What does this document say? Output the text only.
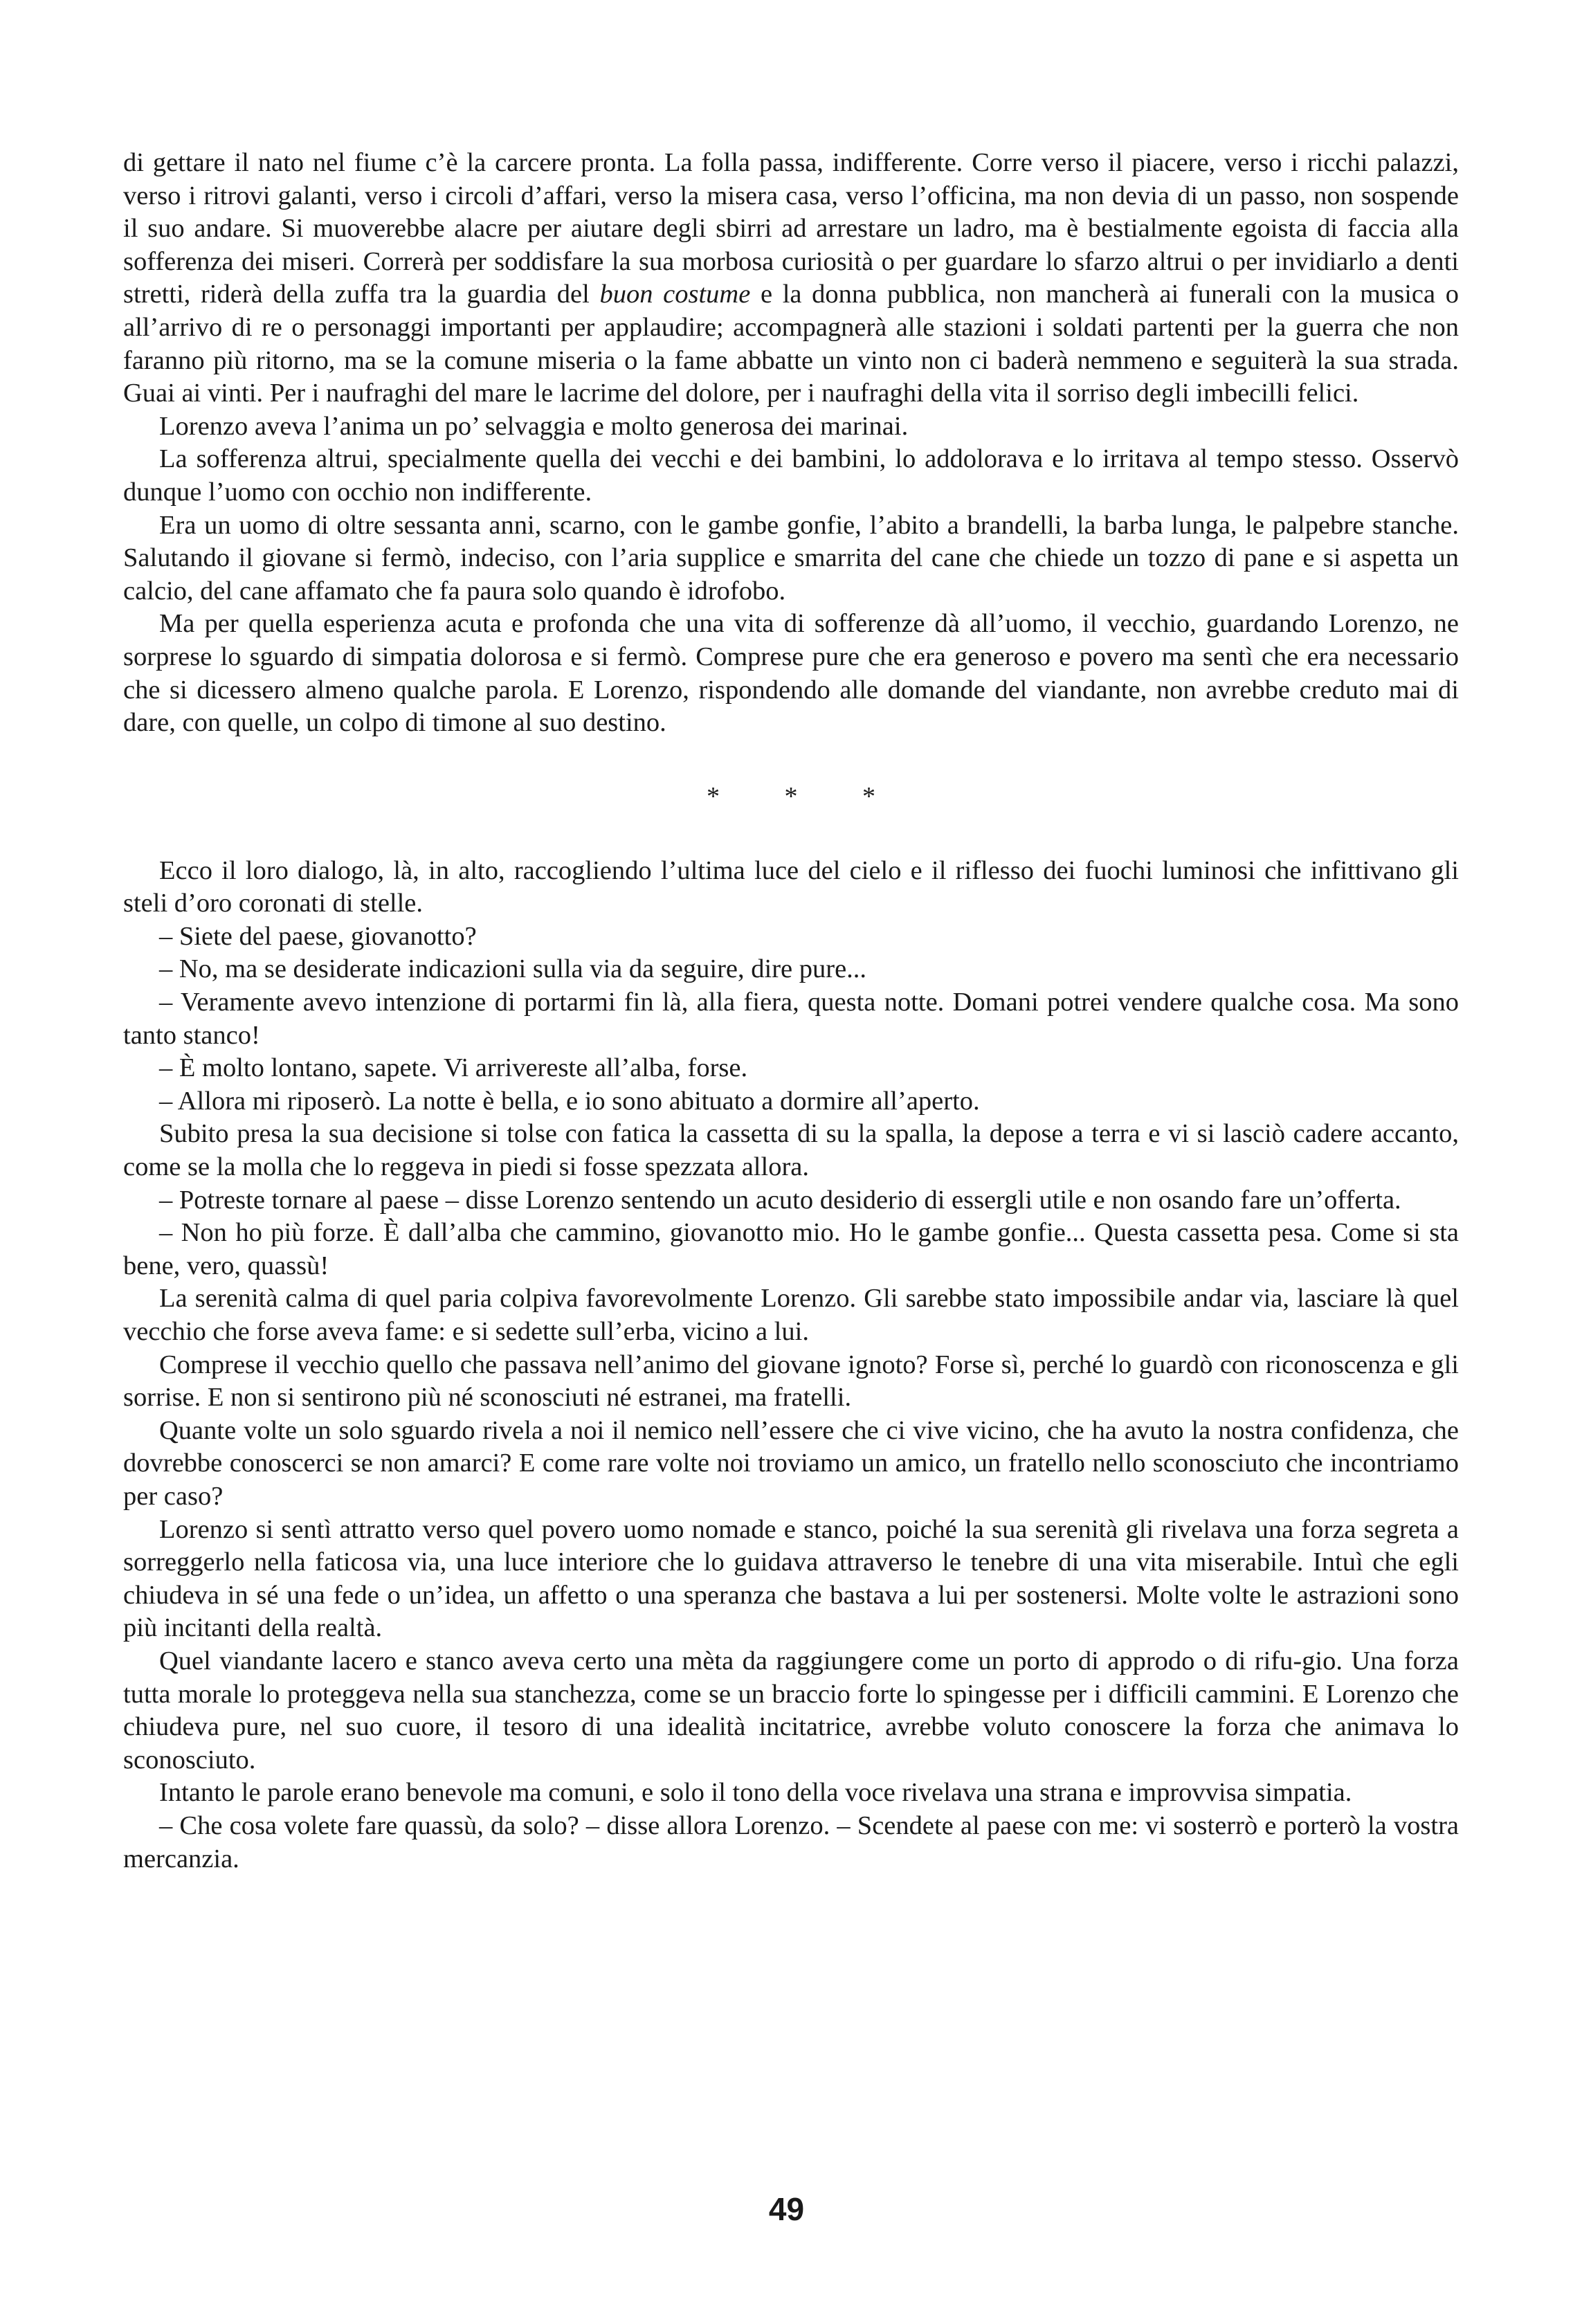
di gettare il nato nel fiume c’è la carcere pronta. La folla passa, indifferente. Corre verso il piacere, verso i ricchi palazzi, verso i ritrovi galanti, verso i circoli d’affari, verso la misera casa, verso l’officina, ma non devia di un passo, non sospende il suo andare. Si muoverebbe alacre per aiutare degli sbirri ad arrestare un ladro, ma è bestialmente egoista di faccia alla sofferenza dei miseri. Correrà per soddisfare la sua morbosa curiosità o per guardare lo sfarzo altrui o per invidiarlo a denti stretti, riderà della zuffa tra la guardia del buon costume e la donna pubblica, non mancherà ai funerali con la musica o all’arrivo di re o personaggi importanti per applaudire; accompagnerà alle stazioni i soldati partenti per la guerra che non faranno più ritorno, ma se la comune miseria o la fame abbatte un vinto non ci baderà nemmeno e seguiterà la sua strada. Guai ai vinti. Per i naufraghi del mare le lacrime del dolore, per i naufraghi della vita il sorriso degli imbecilli felici.

Lorenzo aveva l’anima un po’ selvaggia e molto generosa dei marinai.

La sofferenza altrui, specialmente quella dei vecchi e dei bambini, lo addolorava e lo irritava al tempo stesso. Osservò dunque l’uomo con occhio non indifferente.

Era un uomo di oltre sessanta anni, scarno, con le gambe gonfie, l’abito a brandelli, la barba lunga, le palpebre stanche. Salutando il giovane si fermò, indeciso, con l’aria supplice e smarrita del cane che chiede un tozzo di pane e si aspetta un calcio, del cane affamato che fa paura solo quando è idrofobo.

Ma per quella esperienza acuta e profonda che una vita di sofferenze dà all’uomo, il vecchio, guardando Lorenzo, ne sorprese lo sguardo di simpatia dolorosa e si fermò. Comprese pure che era generoso e povero ma sentì che era necessario che si dicessero almeno qualche parola. E Lorenzo, rispondendo alle domande del viandante, non avrebbe creduto mai di dare, con quelle, un colpo di timone al suo destino.

* * *

Ecco il loro dialogo, là, in alto, raccogliendo l’ultima luce del cielo e il riflesso dei fuochi luminosi che infittivano gli steli d’oro coronati di stelle.

– Siete del paese, giovanotto?

– No, ma se desiderate indicazioni sulla via da seguire, dire pure...

– Veramente avevo intenzione di portarmi fin là, alla fiera, questa notte. Domani potrei vendere qualche cosa. Ma sono tanto stanco!

– È molto lontano, sapete. Vi arrivereste all’alba, forse.

– Allora mi riposerò. La notte è bella, e io sono abituato a dormire all’aperto.

Subito presa la sua decisione si tolse con fatica la cassetta di su la spalla, la depose a terra e vi si lasciò cadere accanto, come se la molla che lo reggeva in piedi si fosse spezzata allora.

– Potreste tornare al paese – disse Lorenzo sentendo un acuto desiderio di essergli utile e non osando fare un’offerta.

– Non ho più forze. È dall’alba che cammino, giovanotto mio. Ho le gambe gonfie... Questa cassetta pesa. Come si sta bene, vero, quassù!

La serenità calma di quel paria colpiva favorevolmente Lorenzo. Gli sarebbe stato impossibile andar via, lasciare là quel vecchio che forse aveva fame: e si sedette sull’erba, vicino a lui.

Comprese il vecchio quello che passava nell’animo del giovane ignoto? Forse sì, perché lo guardò con riconoscenza e gli sorrise. E non si sentirono più né sconosciuti né estranei, ma fratelli.

Quante volte un solo sguardo rivela a noi il nemico nell’essere che ci vive vicino, che ha avuto la nostra confidenza, che dovrebbe conoscerci se non amarci? E come rare volte noi troviamo un amico, un fratello nello sconosciuto che incontriamo per caso?

Lorenzo si sentì attratto verso quel povero uomo nomade e stanco, poiché la sua serenità gli rivelava una forza segreta a sorreggerlo nella faticosa via, una luce interiore che lo guidava attraverso le tenebre di una vita miserabile. Intuì che egli chiudeva in sé una fede o un’idea, un affetto o una speranza che bastava a lui per sostenersi. Molte volte le astrazioni sono più incitanti della realtà.

Quel viandante lacero e stanco aveva certo una mèta da raggiungere come un porto di approdo o di rifu-gio. Una forza tutta morale lo proteggeva nella sua stanchezza, come se un braccio forte lo spingesse per i difficili cammini. E Lorenzo che chiudeva pure, nel suo cuore, il tesoro di una idealità incitatrice, avrebbe voluto conoscere la forza che animava lo sconosciuto.

Intanto le parole erano benevole ma comuni, e solo il tono della voce rivelava una strana e improvvisa simpatia.

– Che cosa volete fare quassù, da solo? – disse allora Lorenzo. – Scendete al paese con me: vi sosterrò e porterò la vostra mercanzia.

49
